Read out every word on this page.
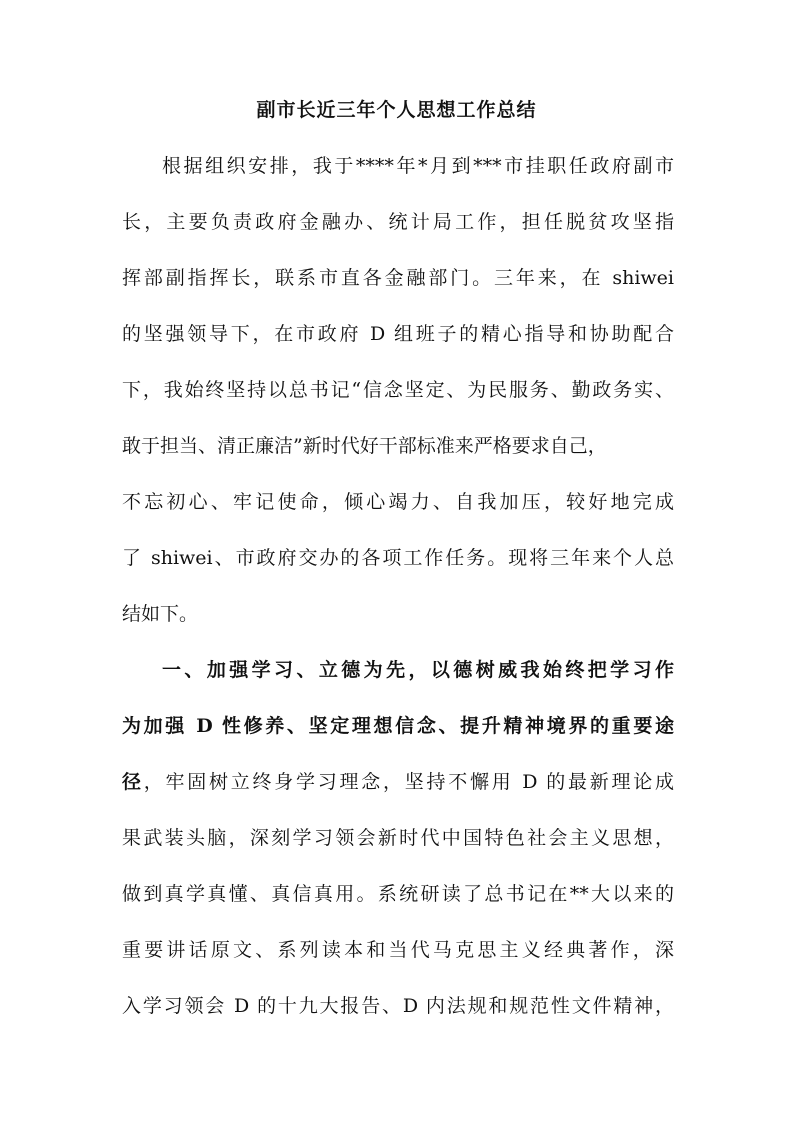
副市长近三年个人思想工作总结
根据组织安排，我于****年*月到***市挂职任政府副市
长，主要负责政府金融办、统计局工作，担任脱贫攻坚指
挥部副指挥长，联系市直各金融部门。三年来，在 shiwei
的坚强领导下，在市政府 D 组班子的精心指导和协助配合
下，我始终坚持以总书记“信念坚定、为民服务、勤政务实、
敢于担当、清正廉洁”新时代好干部标准来严格要求自己，
不忘初心、牢记使命，倾心竭力、自我加压，较好地完成
了 shiwei、市政府交办的各项工作任务。现将三年来个人总
结如下。
一、加强学习、立德为先，以德树威我始终把学习作
为加强 D 性修养、坚定理想信念、提升精神境界的重要途
径，牢固树立终身学习理念，坚持不懈用 D 的最新理论成
果武装头脑，深刻学习领会新时代中国特色社会主义思想，
做到真学真懂、真信真用。系统研读了总书记在**大以来的
重要讲话原文、系列读本和当代马克思主义经典著作，深
入学习领会 D 的十九大报告、D 内法规和规范性文件精神，
